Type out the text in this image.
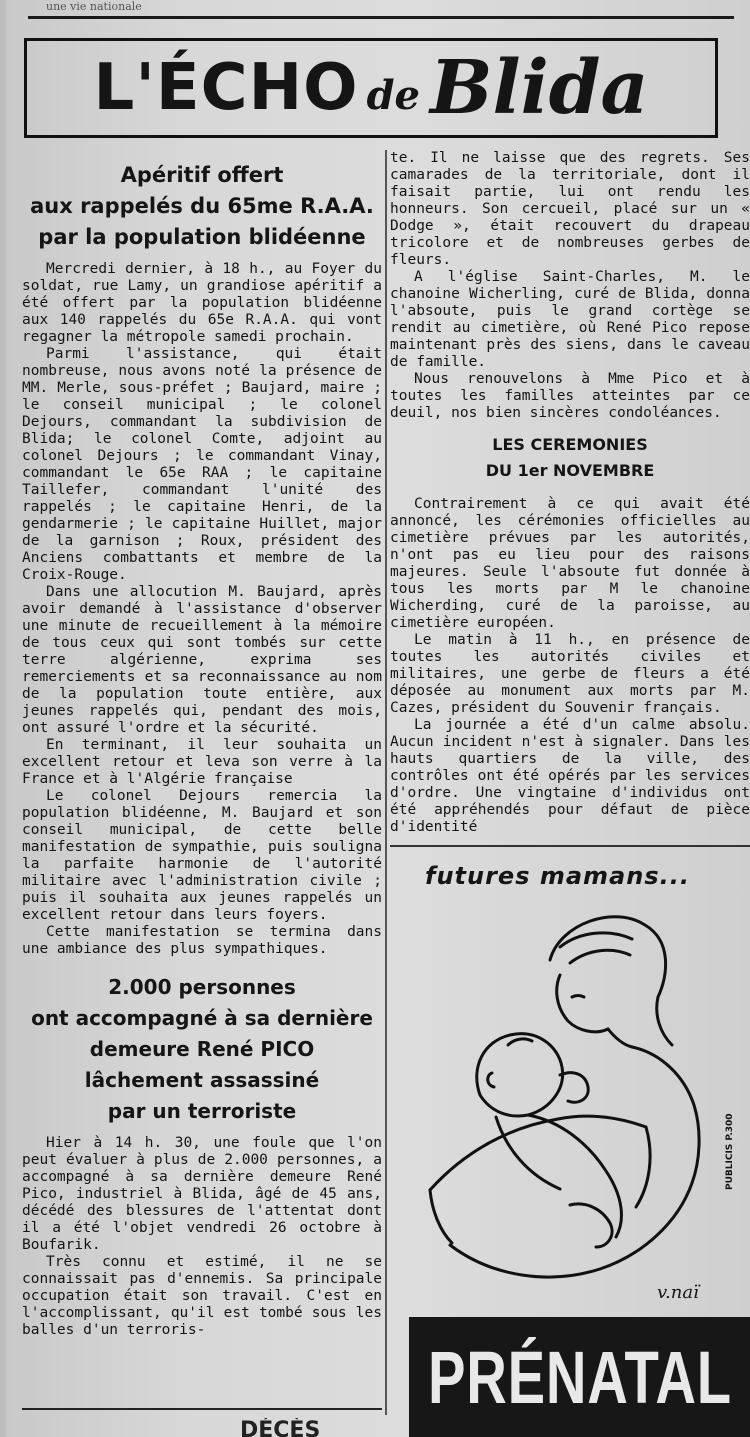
une vie nationale
L'ÉCHO de Blida
Apéritif offert
aux rappelés du 65me R.A.A.
par la population blidéenne

Mercredi dernier, à 18 h., au Foyer du soldat, rue Lamy, un grandiose apéritif a été offert par la population blidéenne aux 140 rappelés du 65e R.A.A. qui vont regagner la métropole samedi prochain.

Parmi l'assistance, qui était nombreuse, nous avons noté la présence de MM. Merle, sous-préfet ; Baujard, maire ; le conseil municipal ; le colonel Dejours, commandant la subdivision de Blida; le colonel Comte, adjoint au colonel Dejours ; le commandant Vinay, commandant le 65e RAA ; le capitaine Taillefer, commandant l'unité des rappelés ; le capitaine Henri, de la gendarmerie ; le capitaine Huillet, major de la garnison ; Roux, président des Anciens combattants et membre de la Croix-Rouge.

Dans une allocution M. Baujard, après avoir demandé à l'assistance d'observer une minute de recueillement à la mémoire de tous ceux qui sont tombés sur cette terre algérienne, exprima ses remerciements et sa reconnaissance au nom de la population toute entière, aux jeunes rappelés qui, pendant des mois, ont assuré l'ordre et la sécurité.

En terminant, il leur souhaita un excellent retour et leva son verre à la France et à l'Algérie française

Le colonel Dejours remercia la population blidéenne, M. Baujard et son conseil municipal, de cette belle manifestation de sympathie, puis souligna la parfaite harmonie de l'autorité militaire avec l'administration civile ; puis il souhaita aux jeunes rappelés un excellent retour dans leurs foyers.

Cette manifestation se termina dans une ambiance des plus sympathiques.

2.000 personnes
ont accompagné à sa dernière
demeure René PICO
lâchement assassiné
par un terroriste

Hier à 14 h. 30, une foule que l'on peut évaluer à plus de 2.000 personnes, a accompagné à sa dernière demeure René Pico, industriel à Blida, âgé de 45 ans, décédé des blessures de l'attentat dont il a été l'objet vendredi 26 octobre à Boufarik.

Très connu et estimé, il ne se connaissait pas d'ennemis. Sa principale occupation était son travail. C'est en l'accomplissant, qu'il est tombé sous les balles d'un terroris-

DÉCÈS

te. Il ne laisse que des regrets. Ses camarades de la territoriale, dont il faisait partie, lui ont rendu les honneurs. Son cercueil, placé sur un « Dodge », était recouvert du drapeau tricolore et de nombreuses gerbes de fleurs.

A l'église Saint-Charles, M. le chanoine Wicherling, curé de Blida, donna l'absoute, puis le grand cortège se rendit au cimetière, où René Pico repose maintenant près des siens, dans le caveau de famille.

Nous renouvelons à Mme Pico et à toutes les familles atteintes par ce deuil, nos bien sincères condoléances.

LES CEREMONIES
DU 1er NOVEMBRE

Contrairement à ce qui avait été annoncé, les cérémonies officielles au cimetière prévues par les autorités, n'ont pas eu lieu pour des raisons majeures. Seule l'absoute fut donnée à tous les morts par M le chanoine Wicherding, curé de la paroisse, au cimetière européen.

Le matin à 11 h., en présence de toutes les autorités civiles et militaires, une gerbe de fleurs a été déposée au monument aux morts par M. Cazes, président du Souvenir français.

La journée a été d'un calme absolu. Aucun incident n'est à signaler. Dans les hauts quartiers de la ville, des contrôles ont été opérés par les services d'ordre. Une vingtaine d'individus ont été appréhendés pour défaut de pièce d'identité

futures mamans...
PUBLICIS P.300
v.naï
PRÉNATAL
